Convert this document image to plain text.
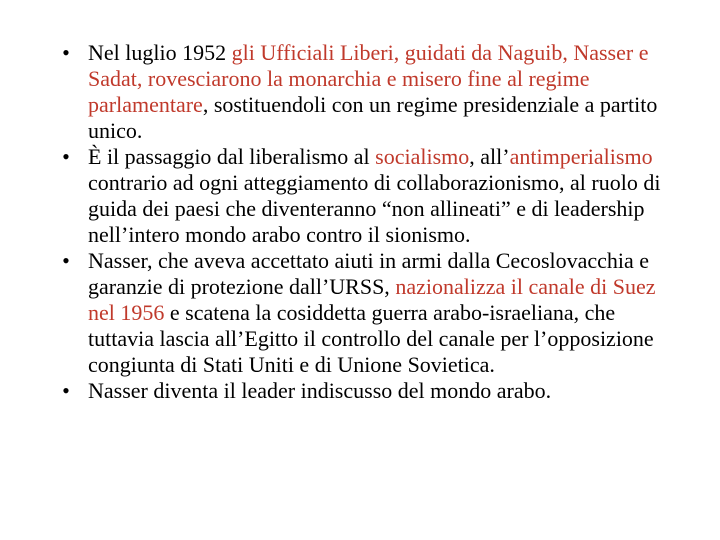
• Nel luglio 1952 gli Ufficiali Liberi, guidati da Naguib, Nasser e Sadat, rovesciarono la monarchia e misero fine al regime parlamentare, sostituendoli con un regime presidenziale a partito unico.
• È il passaggio dal liberalismo al socialismo, all’antimperialismo contrario ad ogni atteggiamento di collaborazionismo, al ruolo di guida dei paesi che diventeranno “non allineati” e di leadership nell’intero mondo arabo contro il sionismo.
• Nasser, che aveva accettato aiuti in armi dalla Cecoslovacchia e garanzie di protezione dall’URSS, nazionalizza il canale di Suez nel 1956 e scatena la cosiddetta guerra arabo-israeliana, che tuttavia lascia all’Egitto il controllo del canale per l’opposizione congiunta di Stati Uniti e di Unione Sovietica.
• Nasser diventa il leader indiscusso del mondo arabo.
